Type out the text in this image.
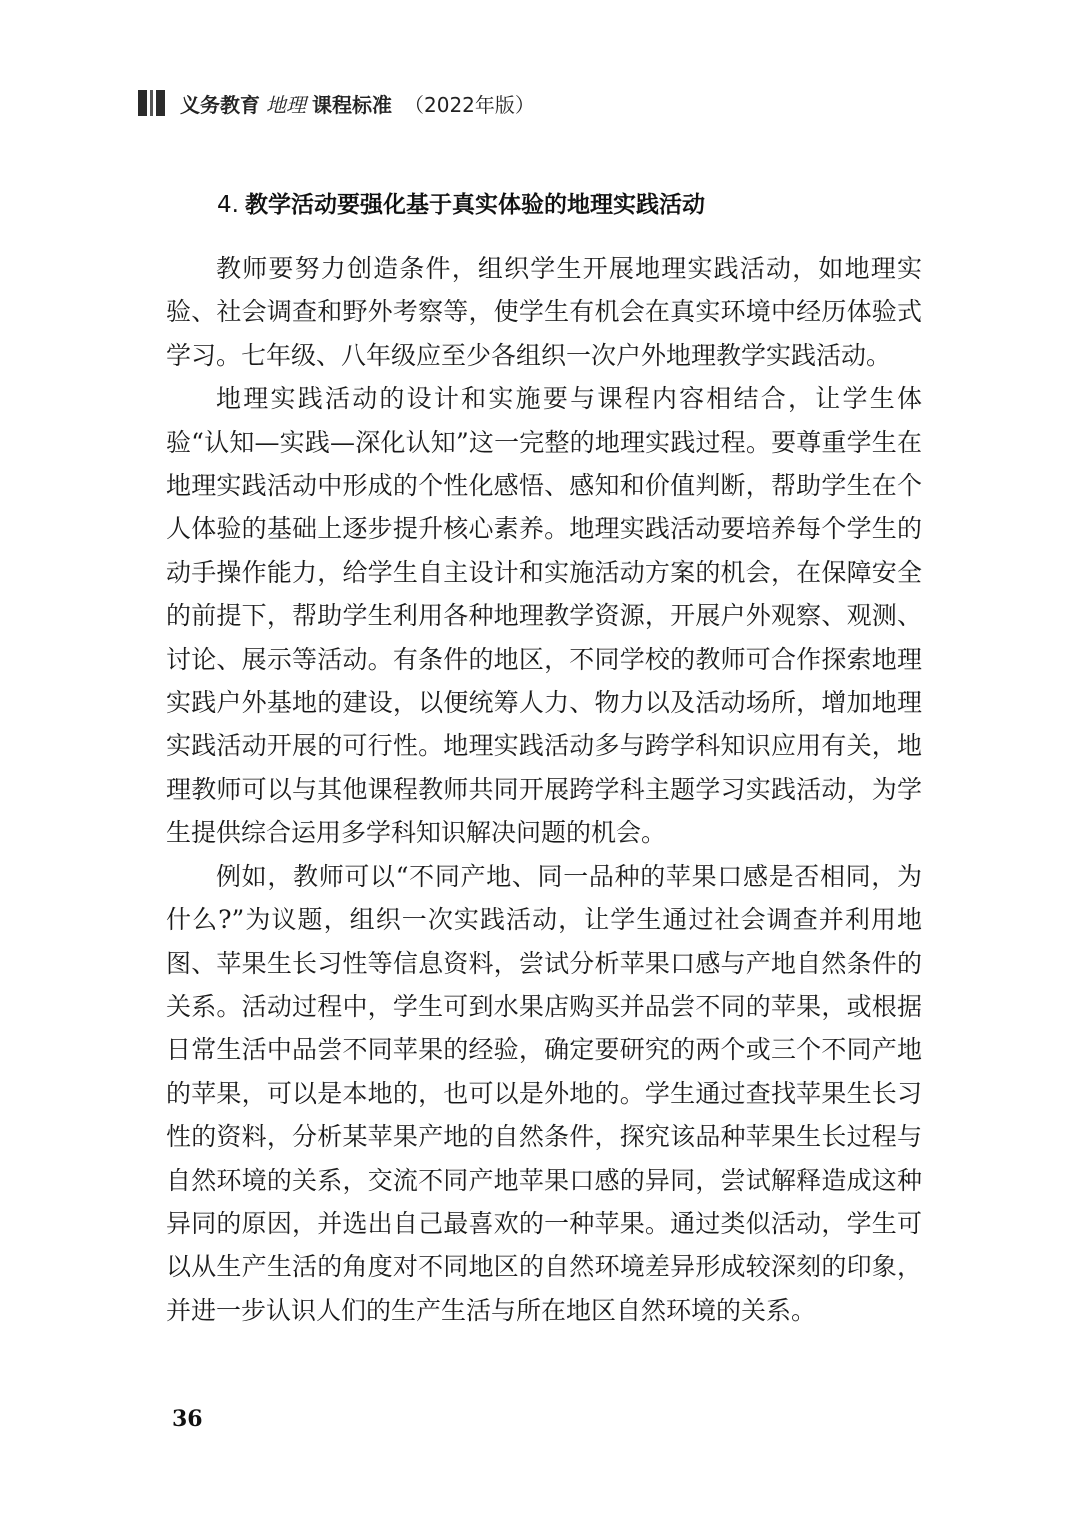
义务教育 地理 课程标准 （2022年版）
4. 教学活动要强化基于真实体验的地理实践活动

教师要努力创造条件，组织学生开展地理实践活动，如地理实验、社会调查和野外考察等，使学生有机会在真实环境中经历体验式学习。七年级、八年级应至少各组织一次户外地理教学实践活动。

地理实践活动的设计和实施要与课程内容相结合，让学生体验“认知—实践—深化认知”这一完整的地理实践过程。要尊重学生在地理实践活动中形成的个性化感悟、感知和价值判断，帮助学生在个人体验的基础上逐步提升核心素养。地理实践活动要培养每个学生的动手操作能力，给学生自主设计和实施活动方案的机会，在保障安全的前提下，帮助学生利用各种地理教学资源，开展户外观察、观测、讨论、展示等活动。有条件的地区，不同学校的教师可合作探索地理实践户外基地的建设，以便统筹人力、物力以及活动场所，增加地理实践活动开展的可行性。地理实践活动多与跨学科知识应用有关，地理教师可以与其他课程教师共同开展跨学科主题学习实践活动，为学生提供综合运用多学科知识解决问题的机会。

例如，教师可以“不同产地、同一品种的苹果口感是否相同，为什么?”为议题，组织一次实践活动，让学生通过社会调查并利用地图、苹果生长习性等信息资料，尝试分析苹果口感与产地自然条件的关系。活动过程中，学生可到水果店购买并品尝不同的苹果，或根据日常生活中品尝不同苹果的经验，确定要研究的两个或三个不同产地的苹果，可以是本地的，也可以是外地的。学生通过查找苹果生长习性的资料，分析某苹果产地的自然条件，探究该品种苹果生长过程与自然环境的关系，交流不同产地苹果口感的异同，尝试解释造成这种异同的原因，并选出自己最喜欢的一种苹果。通过类似活动，学生可以从生产生活的角度对不同地区的自然环境差异形成较深刻的印象，并进一步认识人们的生产生活与所在地区自然环境的关系。

36
